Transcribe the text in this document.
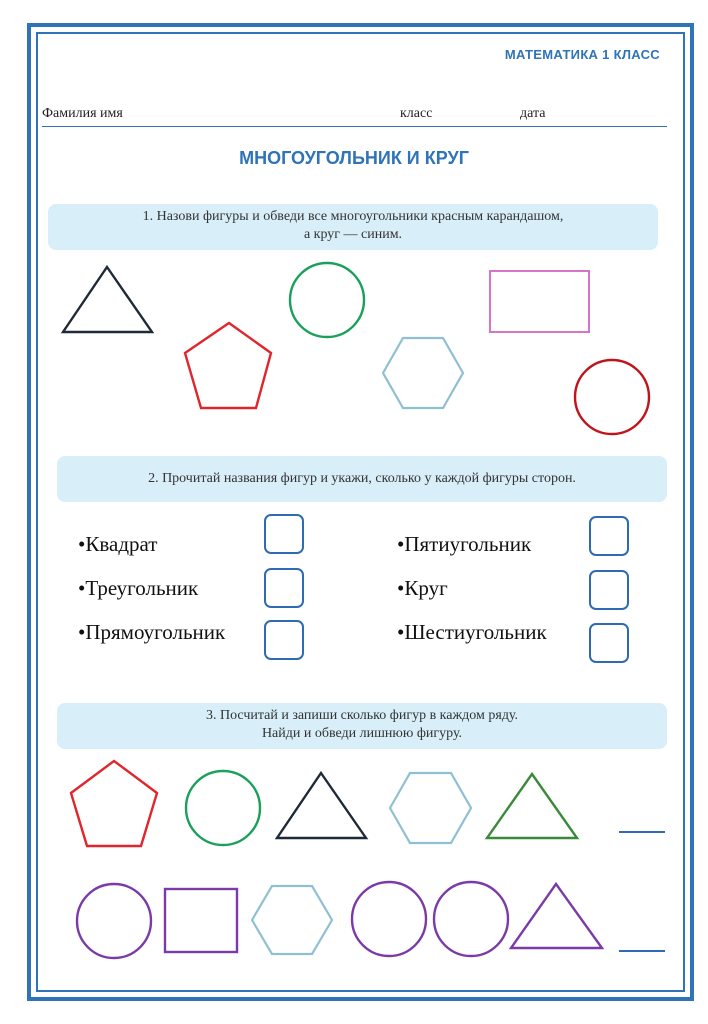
МАТЕМАТИКА 1 КЛАСС
Фамилия имя	класс	дата
МНОГОУГОЛЬНИК И КРУГ
1. Назови фигуры и обведи все многоугольники красным карандашом,
а круг — синим.
2. Прочитай названия фигур и укажи, сколько у каждой фигуры сторон.
•Квадрат
•Треугольник
•Прямоугольник
•Пятиугольник
•Круг
•Шестиугольник
3. Посчитай и запиши сколько фигур в каждом ряду.
Найди и обведи лишнюю фигуру.
